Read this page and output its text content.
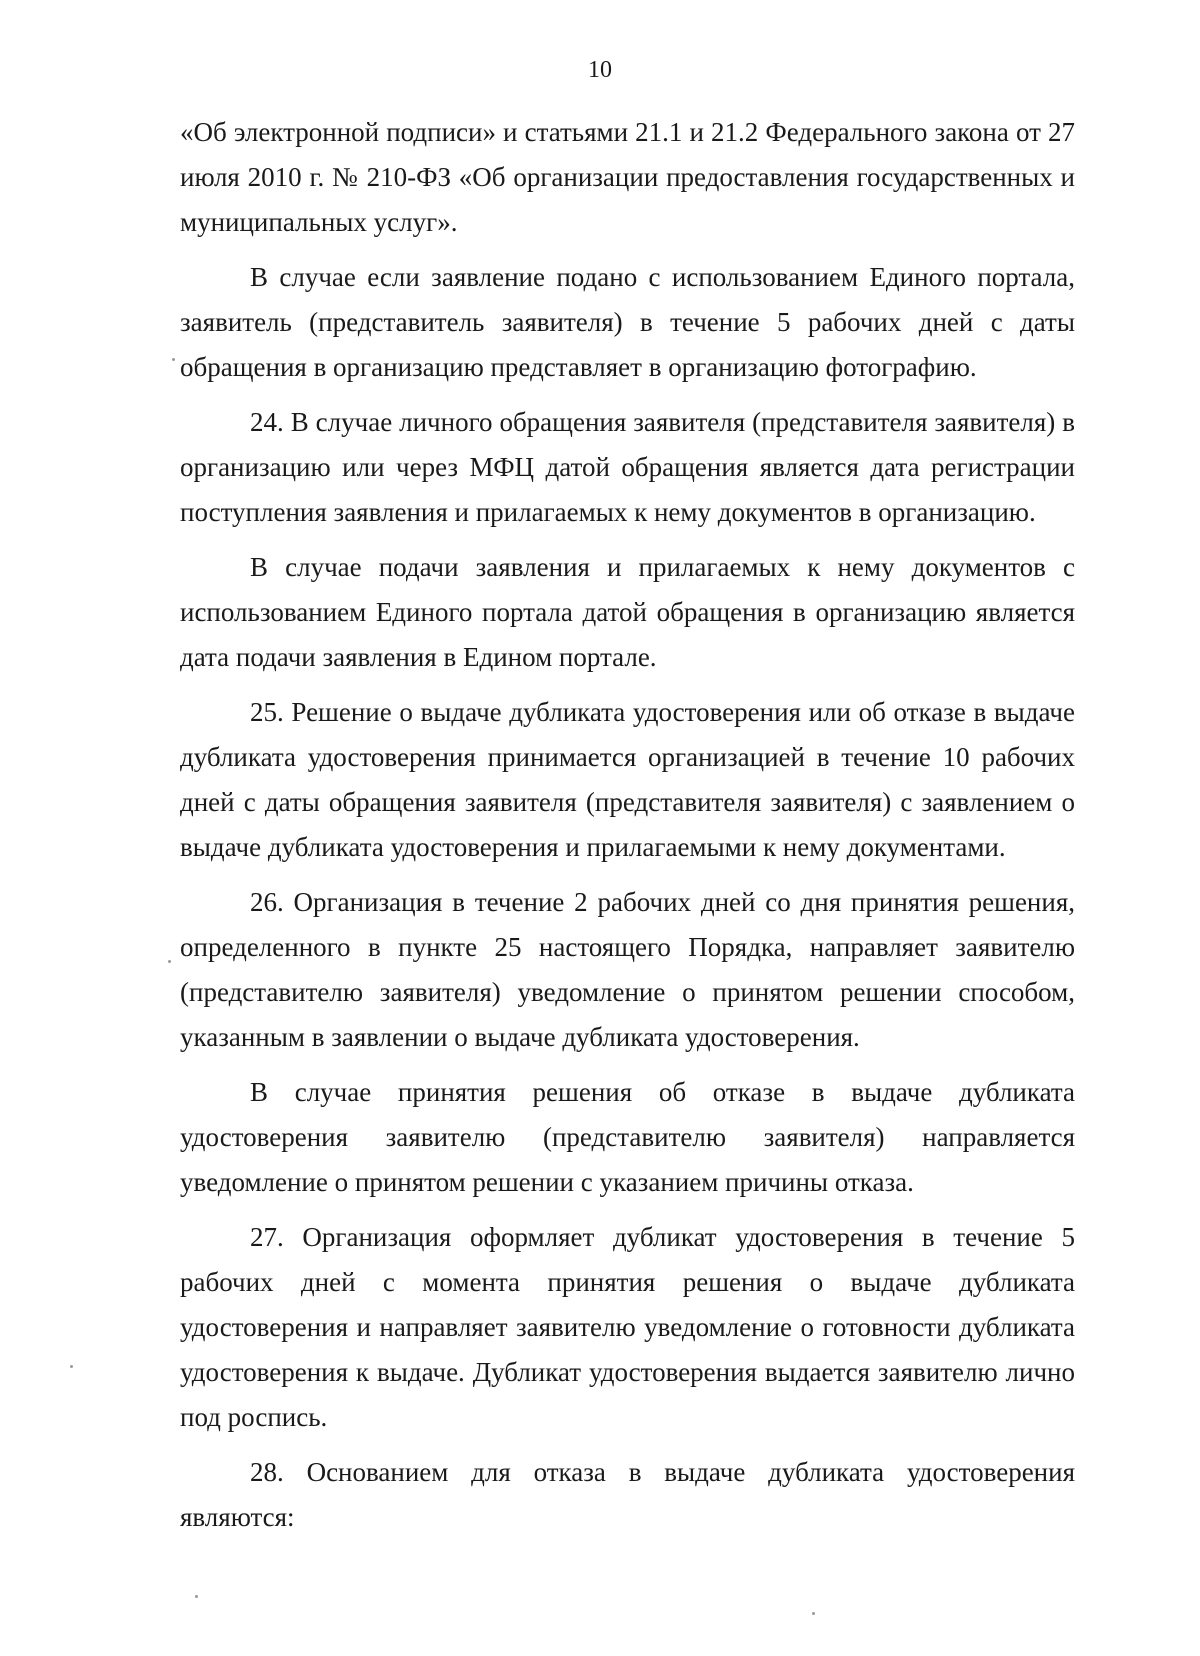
10

«Об электронной подписи» и статьями 21.1 и 21.2 Федерального закона от 27 июля 2010 г. № 210-ФЗ «Об организации предоставления государственных и муниципальных услуг».

В случае если заявление подано с использованием Единого портала, заявитель (представитель заявителя) в течение 5 рабочих дней с даты обращения в организацию представляет в организацию фотографию.

24. В случае личного обращения заявителя (представителя заявителя) в организацию или через МФЦ датой обращения является дата регистрации поступления заявления и прилагаемых к нему документов в организацию.

В случае подачи заявления и прилагаемых к нему документов с использованием Единого портала датой обращения в организацию является дата подачи заявления в Едином портале.

25. Решение о выдаче дубликата удостоверения или об отказе в выдаче дубликата удостоверения принимается организацией в течение 10 рабочих дней с даты обращения заявителя (представителя заявителя) с заявлением о выдаче дубликата удостоверения и прилагаемыми к нему документами.

26. Организация в течение 2 рабочих дней со дня принятия решения, определенного в пункте 25 настоящего Порядка, направляет заявителю (представителю заявителя) уведомление о принятом решении способом, указанным в заявлении о выдаче дубликата удостоверения.

В случае принятия решения об отказе в выдаче дубликата удостоверения заявителю (представителю заявителя) направляется уведомление о принятом решении с указанием причины отказа.

27. Организация оформляет дубликат удостоверения в течение 5 рабочих дней с момента принятия решения о выдаче дубликата удостоверения и направляет заявителю уведомление о готовности дубликата удостоверения к выдаче. Дубликат удостоверения выдается заявителю лично под роспись.

28. Основанием для отказа в выдаче дубликата удостоверения являются:
